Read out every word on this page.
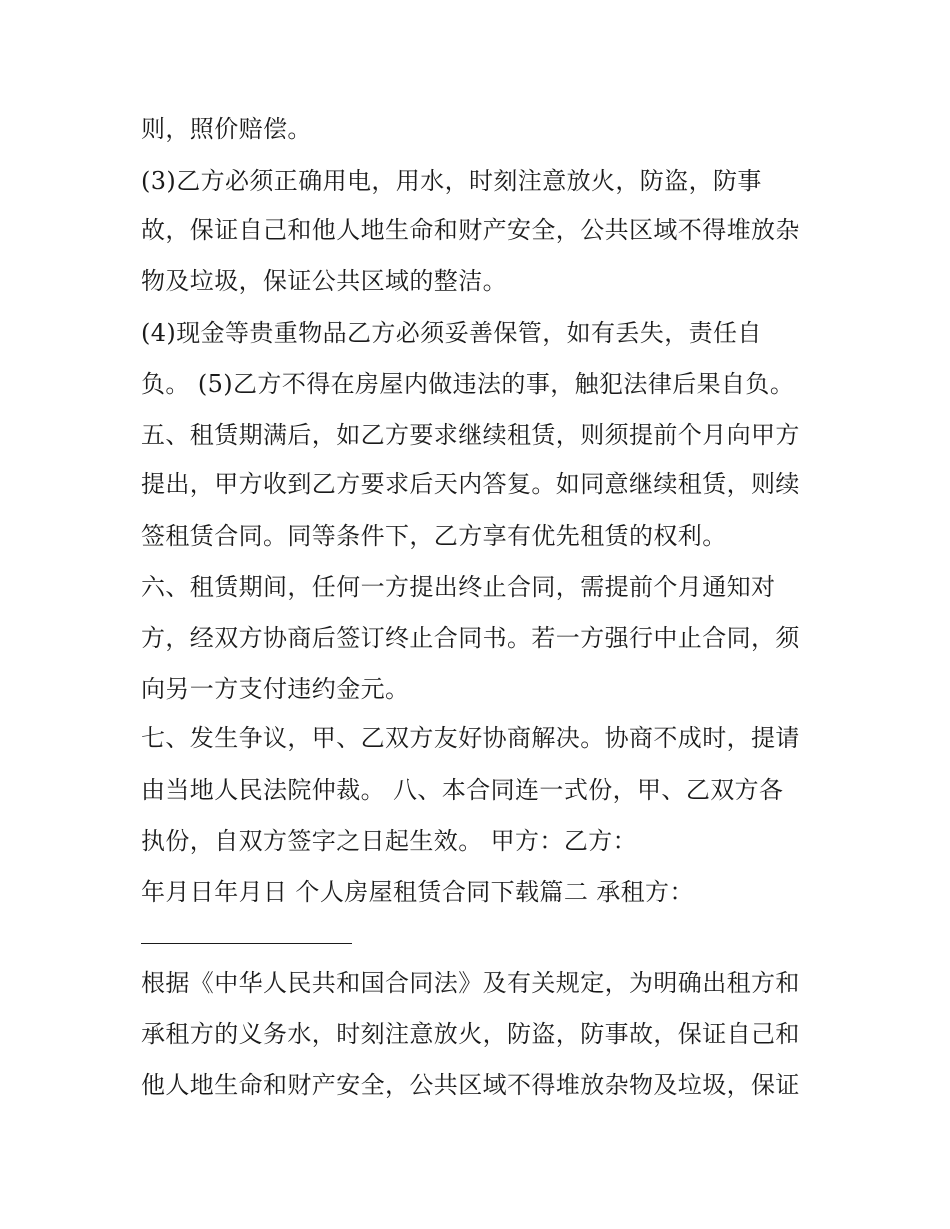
则，照价赔偿。
(3)乙方必须正确用电，用水，时刻注意放火，防盗，防事
故，保证自己和他人地生命和财产安全，公共区域不得堆放杂
物及垃圾，保证公共区域的整洁。
(4)现金等贵重物品乙方必须妥善保管，如有丢失，责任自
负。 (5)乙方不得在房屋内做违法的事，触犯法律后果自负。
五、租赁期满后，如乙方要求继续租赁，则须提前个月向甲方
提出，甲方收到乙方要求后天内答复。如同意继续租赁，则续
签租赁合同。同等条件下，乙方享有优先租赁的权利。
六、租赁期间，任何一方提出终止合同，需提前个月通知对
方，经双方协商后签订终止合同书。若一方强行中止合同，须
向另一方支付违约金元。
七、发生争议，甲、乙双方友好协商解决。协商不成时，提请
由当地人民法院仲裁。 八、本合同连一式份，甲、乙双方各
执份，自双方签字之日起生效。 甲方：乙方：
年月日年月日 个人房屋租赁合同下载篇二 承租方：
根据《中华人民共和国合同法》及有关规定，为明确出租方和
承租方的义务水，时刻注意放火，防盗，防事故，保证自己和
他人地生命和财产安全，公共区域不得堆放杂物及垃圾，保证
